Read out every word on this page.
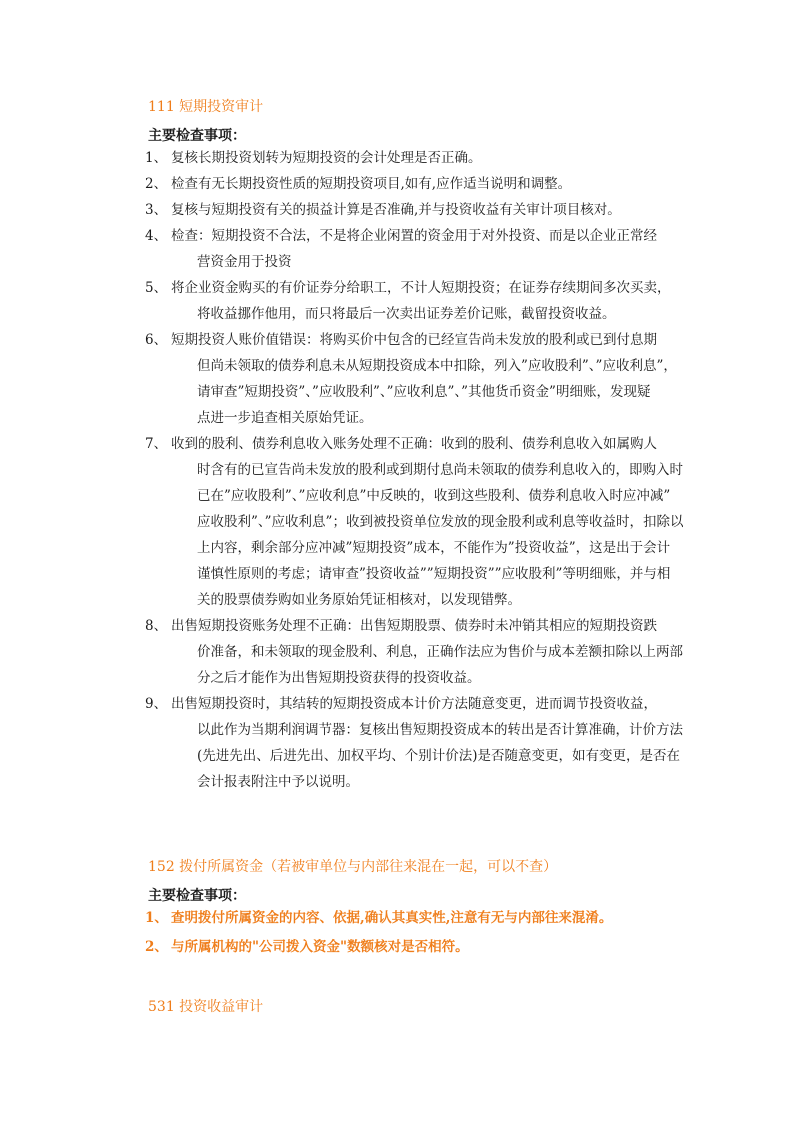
111 短期投资审计
主要检查事项：
1、 复核长期投资划转为短期投资的会计处理是否正确。
2、 检查有无长期投资性质的短期投资项目,如有,应作适当说明和调整。
3、 复核与短期投资有关的损益计算是否准确,并与投资收益有关审计项目核对。
4、 检查：短期投资不合法，不是将企业闲置的资金用于对外投资、而是以企业正常经
营资金用于投资
5、 将企业资金购买的有价证券分给职工，不计人短期投资；在证券存续期间多次买卖，
将收益挪作他用，而只将最后一次卖出证券差价记账，截留投资收益。
6、 短期投资人账价值错误：将购买价中包含的已经宣告尚未发放的股利或已到付息期
但尚未领取的债券利息未从短期投资成本中扣除，列入”应收股利”、”应收利息”，
请审查”短期投资”、”应收股利”、”应收利息”、”其他货币资金”明细账，发现疑
点进一步追查相关原始凭证。
7、 收到的股利、债券利息收入账务处理不正确：收到的股利、债券利息收入如属购人
时含有的已宣告尚未发放的股利或到期付息尚未领取的债券利息收入的，即购入时
已在”应收股利”、”应收利息”中反映的，收到这些股利、债券利息收入时应冲减”
应收股利”、”应收利息”；收到被投资单位发放的现金股利或利息等收益时，扣除以
上内容，剩余部分应冲减”短期投资”成本，不能作为”投资收益”，这是出于会计
谨慎性原则的考虑；请审查”投资收益””短期投资””应收股利”等明细账，并与相
关的股票债券购如业务原始凭证相核对，以发现错弊。
8、 出售短期投资账务处理不正确：出售短期股票、债券时未冲销其相应的短期投资跌
价准备，和未领取的现金股利、利息，正确作法应为售价与成本差额扣除以上两部
分之后才能作为出售短期投资获得的投资收益。
9、 出售短期投资时，其结转的短期投资成本计价方法随意变更，进而调节投资收益，
以此作为当期利润调节器：复核出售短期投资成本的转出是否计算准确，计价方法
(先进先出、后进先出、加权平均、个别计价法)是否随意变更，如有变更，是否在
会计报表附注中予以说明。
152 拨付所属资金（若被审单位与内部往来混在一起，可以不查）
主要检查事项：
1、 查明拨付所属资金的内容、依据,确认其真实性,注意有无与内部往来混淆。
2、 与所属机构的"公司拨入资金"数额核对是否相符。
531 投资收益审计
